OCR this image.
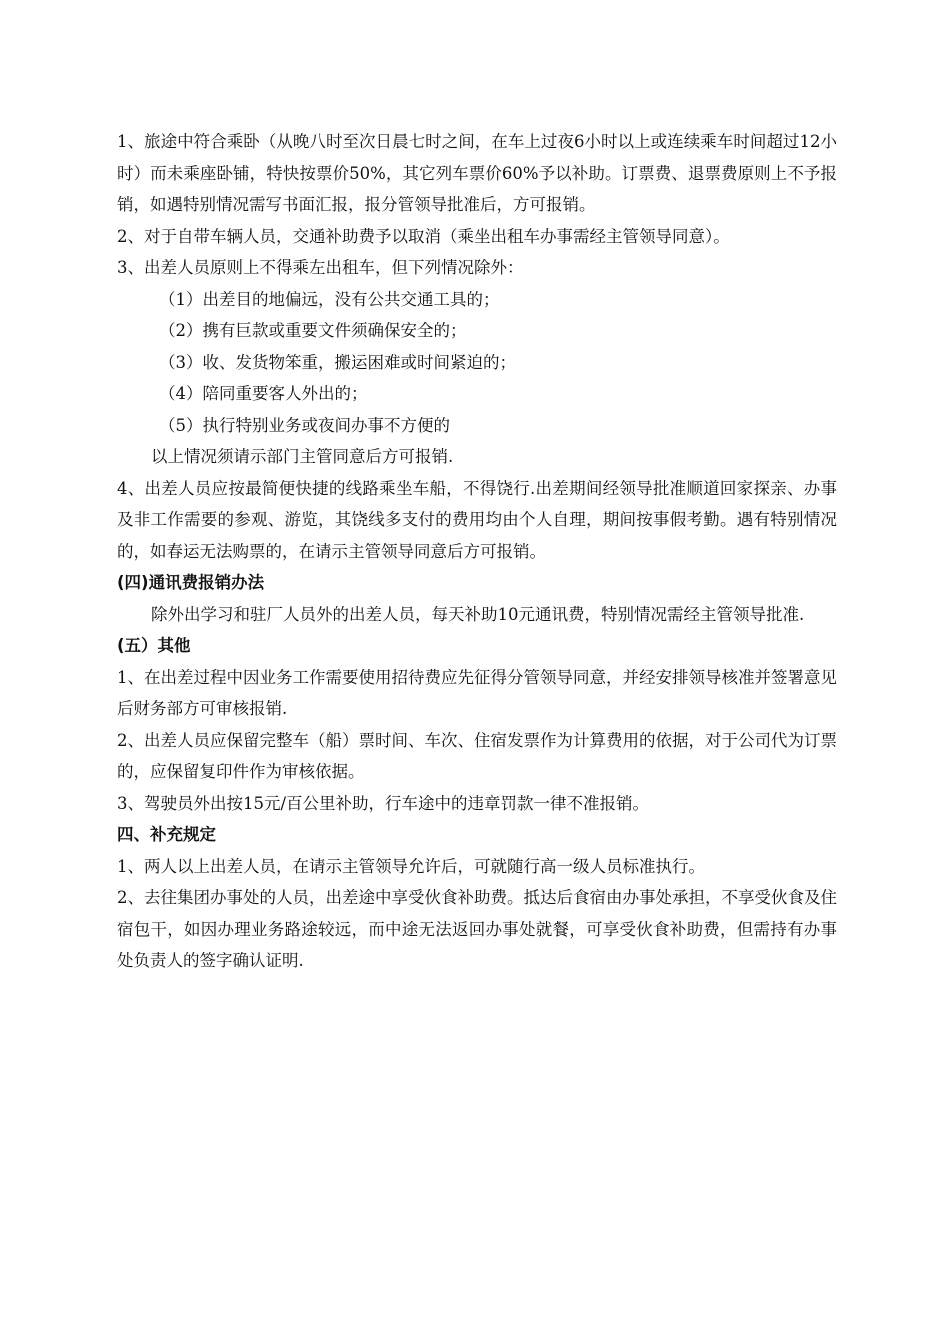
1、旅途中符合乘卧（从晚八时至次日晨七时之间，在车上过夜6小时以上或连续乘车时间超过12小时）而未乘座卧铺，特快按票价50%，其它列车票价60%予以补助。订票费、退票费原则上不予报销，如遇特别情况需写书面汇报，报分管领导批准后，方可报销。

2、对于自带车辆人员，交通补助费予以取消（乘坐出租车办事需经主管领导同意）。

3、出差人员原则上不得乘左出租车，但下列情况除外：

（1）出差目的地偏远，没有公共交通工具的；

（2）携有巨款或重要文件须确保安全的；

（3）收、发货物笨重，搬运困难或时间紧迫的；

（4）陪同重要客人外出的；

（5）执行特别业务或夜间办事不方便的

以上情况须请示部门主管同意后方可报销.

4、出差人员应按最简便快捷的线路乘坐车船，不得饶行.出差期间经领导批准顺道回家探亲、办事及非工作需要的参观、游览，其饶线多支付的费用均由个人自理，期间按事假考勤。遇有特别情况的，如春运无法购票的，在请示主管领导同意后方可报销。

(四)通讯费报销办法

除外出学习和驻厂人员外的出差人员，每天补助10元通讯费，特别情况需经主管领导批准.

(五）其他

1、在出差过程中因业务工作需要使用招待费应先征得分管领导同意，并经安排领导核准并签署意见后财务部方可审核报销.

2、出差人员应保留完整车（船）票时间、车次、住宿发票作为计算费用的依据，对于公司代为订票的，应保留复印件作为审核依据。

3、驾驶员外出按15元/百公里补助，行车途中的违章罚款一律不准报销。

四、补充规定

1、两人以上出差人员，在请示主管领导允许后，可就随行高一级人员标准执行。

2、去往集团办事处的人员，出差途中享受伙食补助费。抵达后食宿由办事处承担，不享受伙食及住宿包干，如因办理业务路途较远，而中途无法返回办事处就餐，可享受伙食补助费，但需持有办事处负责人的签字确认证明.
